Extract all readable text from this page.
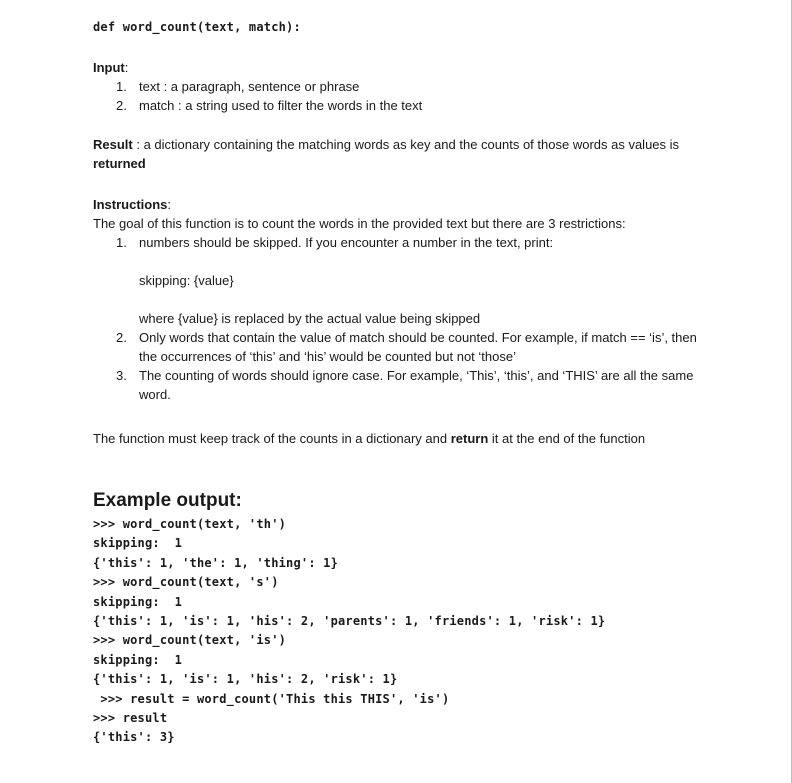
def word_count(text, match):
Input:
1. text : a paragraph, sentence or phrase
2. match : a string used to filter the words in the text
Result : a dictionary containing the matching words as key and the counts of those words as values is returned
Instructions:
The goal of this function is to count the words in the provided text but there are 3 restrictions:
1. numbers should be skipped. If you encounter a number in the text, print:
skipping: {value}
where {value} is replaced by the actual value being skipped
2. Only words that contain the value of match should be counted. For example, if match == ‘is’, then the occurrences of ‘this’ and ‘his’ would be counted but not ‘those’
3. The counting of words should ignore case. For example, ‘This’, ‘this’, and ‘THIS’ are all the same word.
The function must keep track of the counts in a dictionary and return it at the end of the function
Example output:
>>> word_count(text, 'th')
skipping:  1
{'this': 1, 'the': 1, 'thing': 1}
>>> word_count(text, 's')
skipping:  1
{'this': 1, 'is': 1, 'his': 2, 'parents': 1, 'friends': 1, 'risk': 1}
>>> word_count(text, 'is')
skipping:  1
{'this': 1, 'is': 1, 'his': 2, 'risk': 1}
>>> result = word_count('This this THIS', 'is')
>>> result
{'this': 3}
